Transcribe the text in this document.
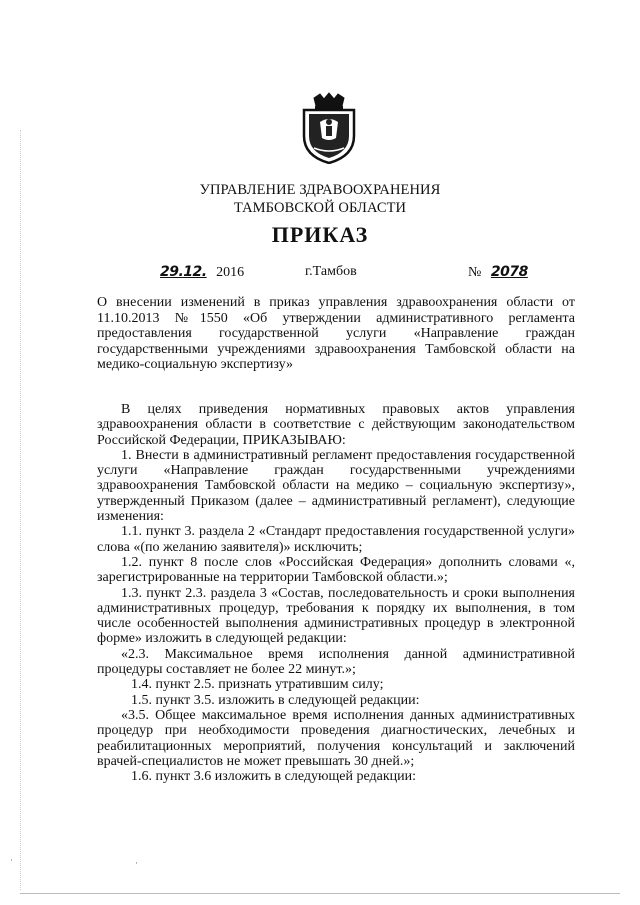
УПРАВЛЕНИЕ ЗДРАВООХРАНЕНИЯ
ТАМБОВСКОЙ ОБЛАСТИ
ПРИКАЗ
29.12. 2016	г.Тамбов	№ 2078
О внесении изменений в приказ управления здравоохранения области от 11.10.2013 №1550 «Об утверждении административного регламента предоставления государственной услуги «Направление граждан государственными учреждениями здравоохранения Тамбовской области на медико-социальную экспертизу»

В целях приведения нормативных правовых актов управления здравоохранения области в соответствие с действующим законодательством Российской Федерации, ПРИКАЗЫВАЮ:

1. Внести в административный регламент предоставления государственной услуги «Направление граждан государственными учреждениями здравоохранения Тамбовской области на медико – социальную экспертизу», утвержденный Приказом (далее – административный регламент), следующие изменения:

1.1. пункт 3. раздела 2 «Стандарт предоставления государственной услуги» слова «(по желанию заявителя)» исключить;

1.2. пункт 8 после слов «Российская Федерация» дополнить словами «, зарегистрированные на территории Тамбовской области.»;

1.3. пункт 2.3. раздела 3 «Состав, последовательность и сроки выполнения административных процедур, требования к порядку их выполнения, в том числе особенностей выполнения административных процедур в электронной форме» изложить в следующей редакции:

«2.3. Максимальное время исполнения данной административной процедуры составляет не более 22 минут.»;

1.4. пункт 2.5. признать утратившим силу;

1.5. пункт 3.5. изложить в следующей редакции:

«3.5. Общее максимальное время исполнения данных административных процедур при необходимости проведения диагностических, лечебных и реабилитационных мероприятий, получения консультаций и заключений врачей-специалистов не может превышать 30 дней.»;

1.6. пункт 3.6 изложить в следующей редакции:

·
·
